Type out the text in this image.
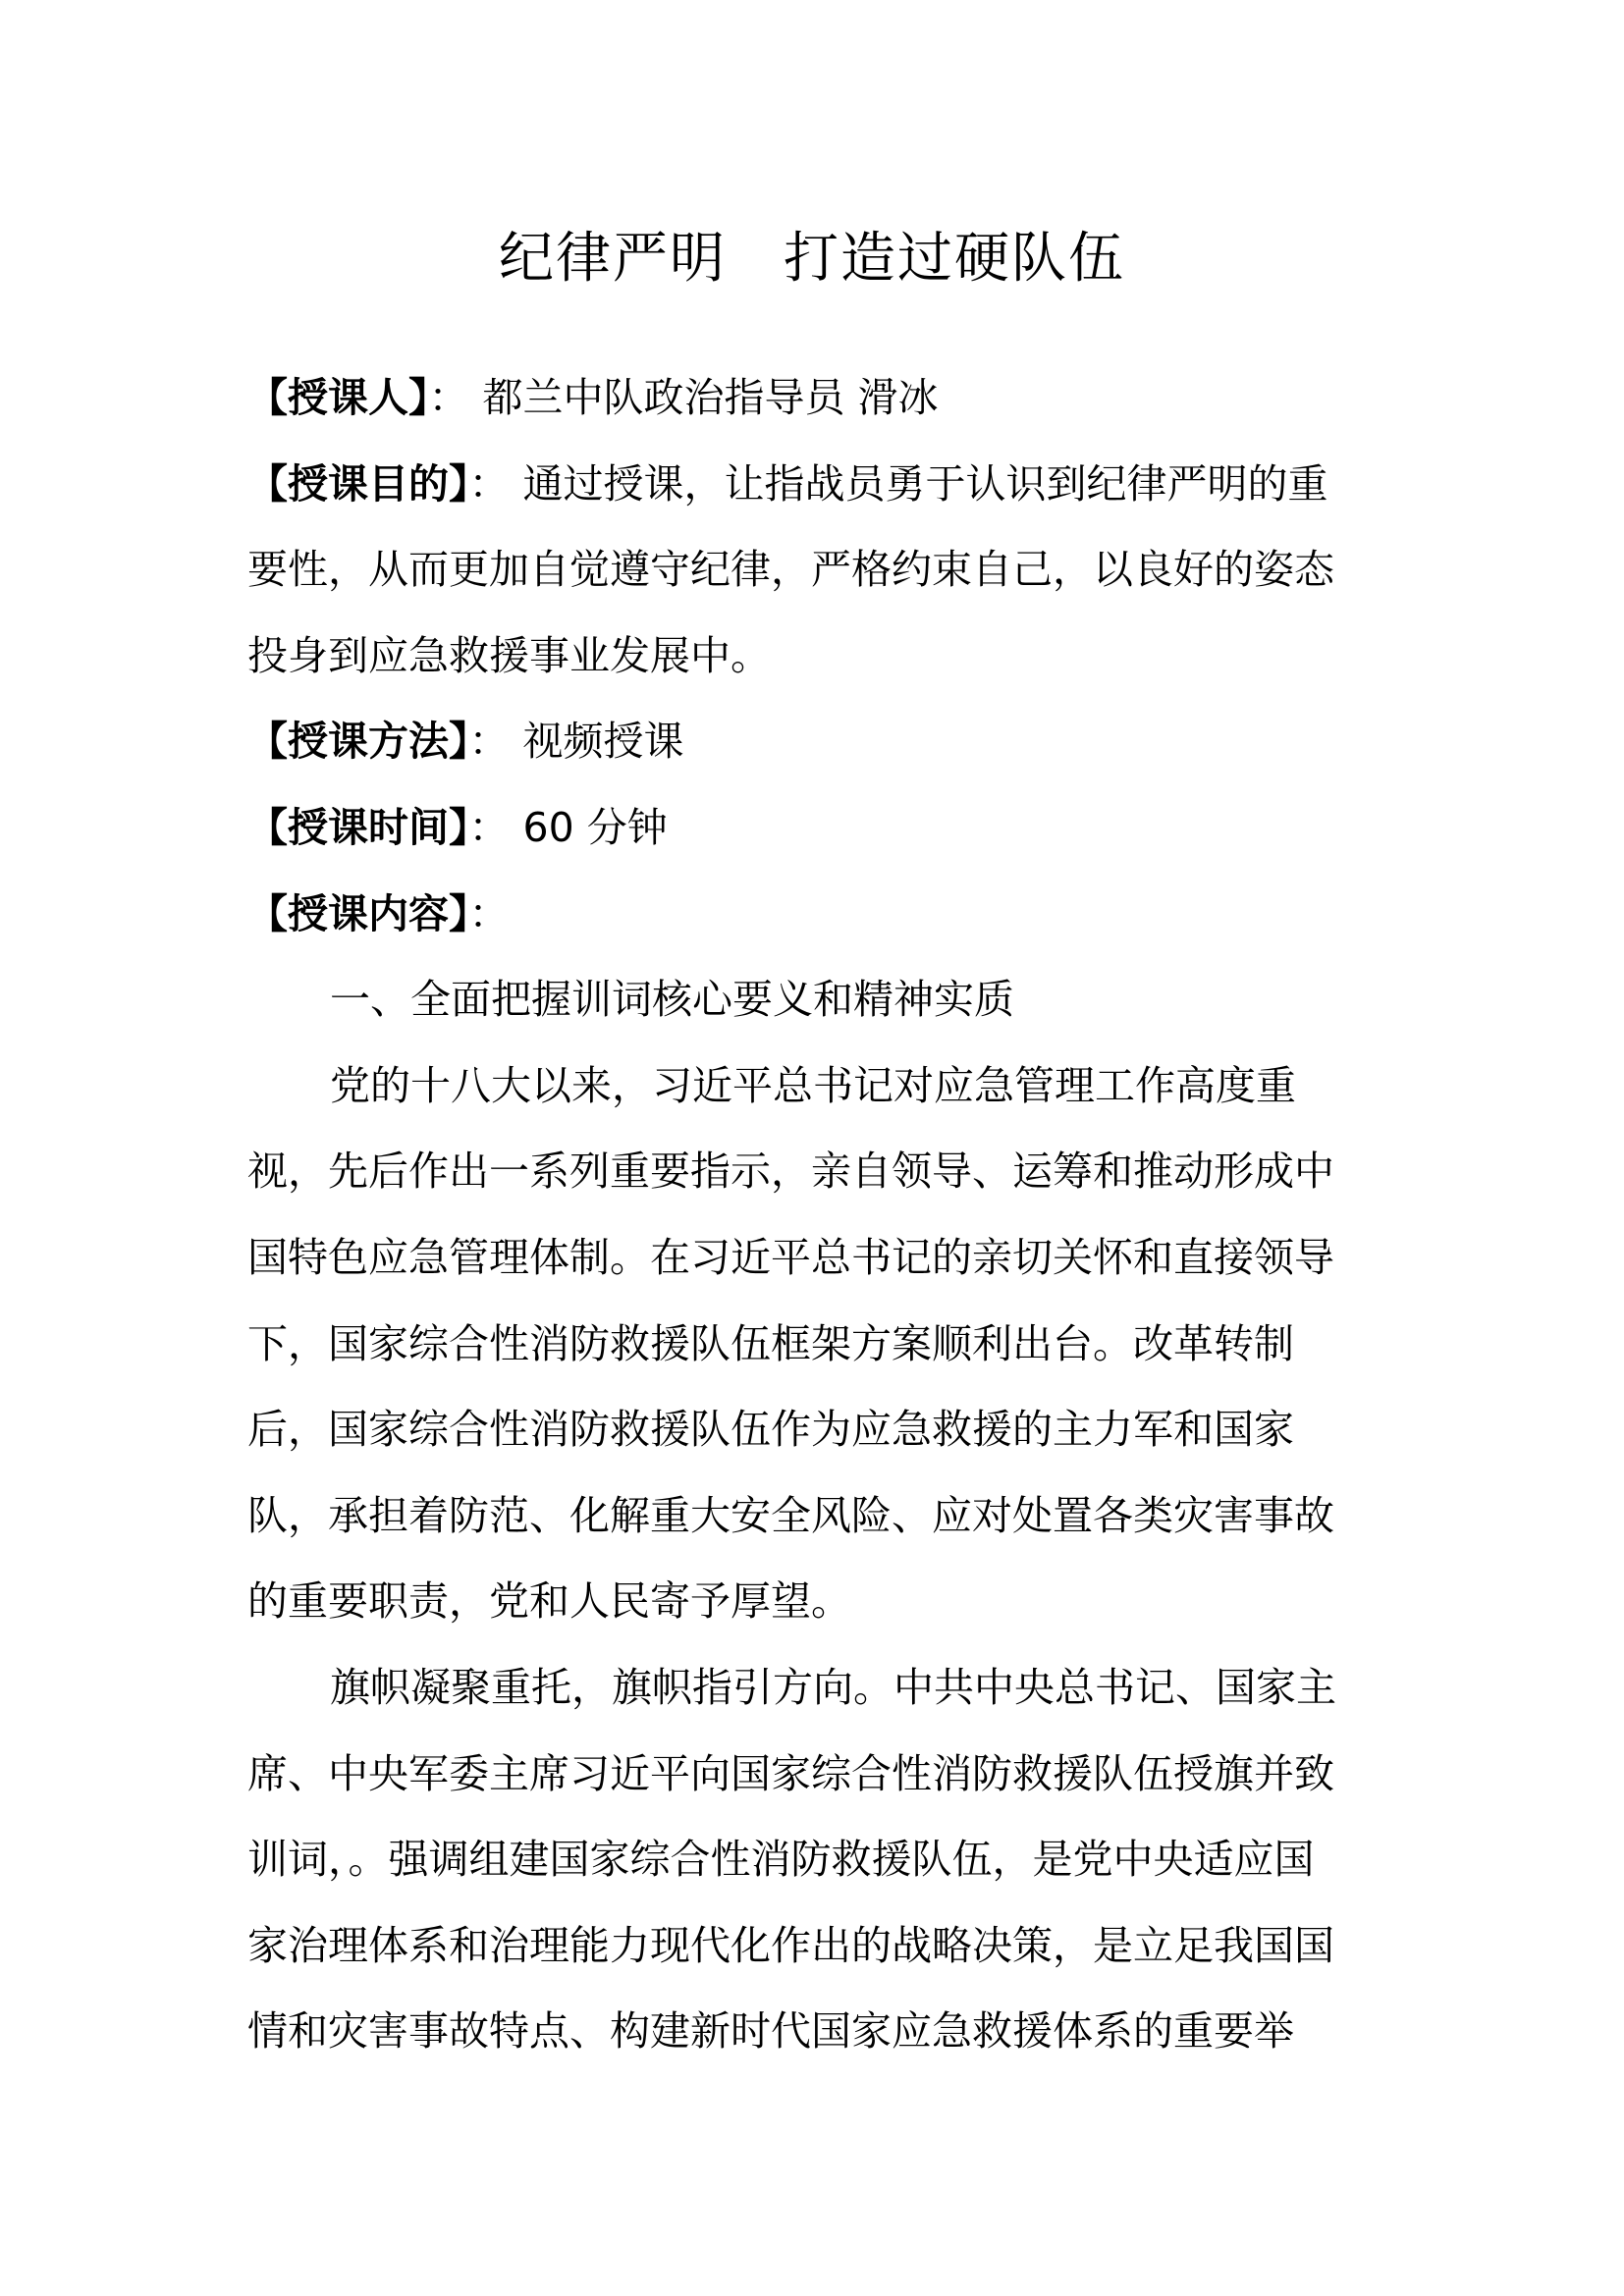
纪律严明　打造过硬队伍
【授课人】： 都兰中队政治指导员 滑冰
【授课目的】： 通过授课，让指战员勇于认识到纪律严明的重
要性，从而更加自觉遵守纪律，严格约束自己，以良好的姿态
投身到应急救援事业发展中。
【授课方法】： 视频授课
【授课时间】： 60 分钟
【授课内容】：
一、全面把握训词核心要义和精神实质
党的十八大以来，习近平总书记对应急管理工作高度重
视，先后作出一系列重要指示，亲自领导、运筹和推动形成中
国特色应急管理体制。在习近平总书记的亲切关怀和直接领导
下，国家综合性消防救援队伍框架方案顺利出台。改革转制
后，国家综合性消防救援队伍作为应急救援的主力军和国家
队，承担着防范、化解重大安全风险、应对处置各类灾害事故
的重要职责，党和人民寄予厚望。
旗帜凝聚重托，旗帜指引方向。中共中央总书记、国家主
席、中央军委主席习近平向国家综合性消防救援队伍授旗并致
训词，。强调组建国家综合性消防救援队伍，是党中央适应国
家治理体系和治理能力现代化作出的战略决策，是立足我国国
情和灾害事故特点、构建新时代国家应急救援体系的重要举
